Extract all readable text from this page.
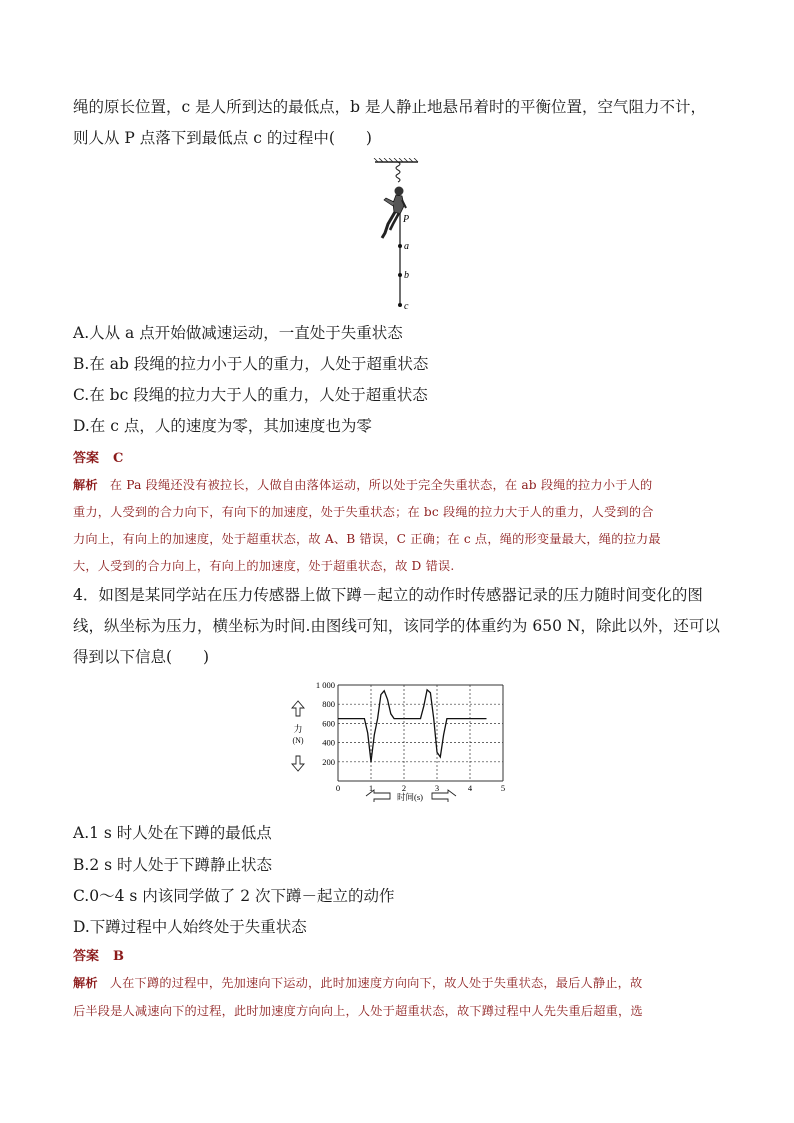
绳的原长位置，c 是人所到达的最低点，b 是人静止地悬吊着时的平衡位置，空气阻力不计，
则人从 P 点落下到最低点 c 的过程中(　　)
P
a
b
c
A.人从 a 点开始做减速运动，一直处于失重状态
B.在 ab 段绳的拉力小于人的重力，人处于超重状态
C.在 bc 段绳的拉力大于人的重力，人处于超重状态
D.在 c 点，人的速度为零，其加速度也为零
答案 C
解析 在 Pa 段绳还没有被拉长，人做自由落体运动，所以处于完全失重状态，在 ab 段绳的拉力小于人的
重力，人受到的合力向下，有向下的加速度，处于失重状态；在 bc 段绳的拉力大于人的重力，人受到的合
力向上，有向上的加速度，处于超重状态，故 A、B 错误，C 正确；在 c 点，绳的形变量最大，绳的拉力最
大，人受到的合力向上，有向上的加速度，处于超重状态，故 D 错误.
4．如图是某同学站在压力传感器上做下蹲－起立的动作时传感器记录的压力随时间变化的图
线，纵坐标为压力，横坐标为时间.由图线可知，该同学的体重约为 650 N，除此以外，还可以
得到以下信息(　　)
200
400
600
800
1 000
0	1	2	3	4	5
力
(N)
时间(s)
A.1 s 时人处在下蹲的最低点
B.2 s 时人处于下蹲静止状态
C.0～4 s 内该同学做了 2 次下蹲－起立的动作
D.下蹲过程中人始终处于失重状态
答案 B
解析 人在下蹲的过程中，先加速向下运动，此时加速度方向向下，故人处于失重状态，最后人静止，故
后半段是人减速向下的过程，此时加速度方向向上，人处于超重状态，故下蹲过程中人先失重后超重，选
